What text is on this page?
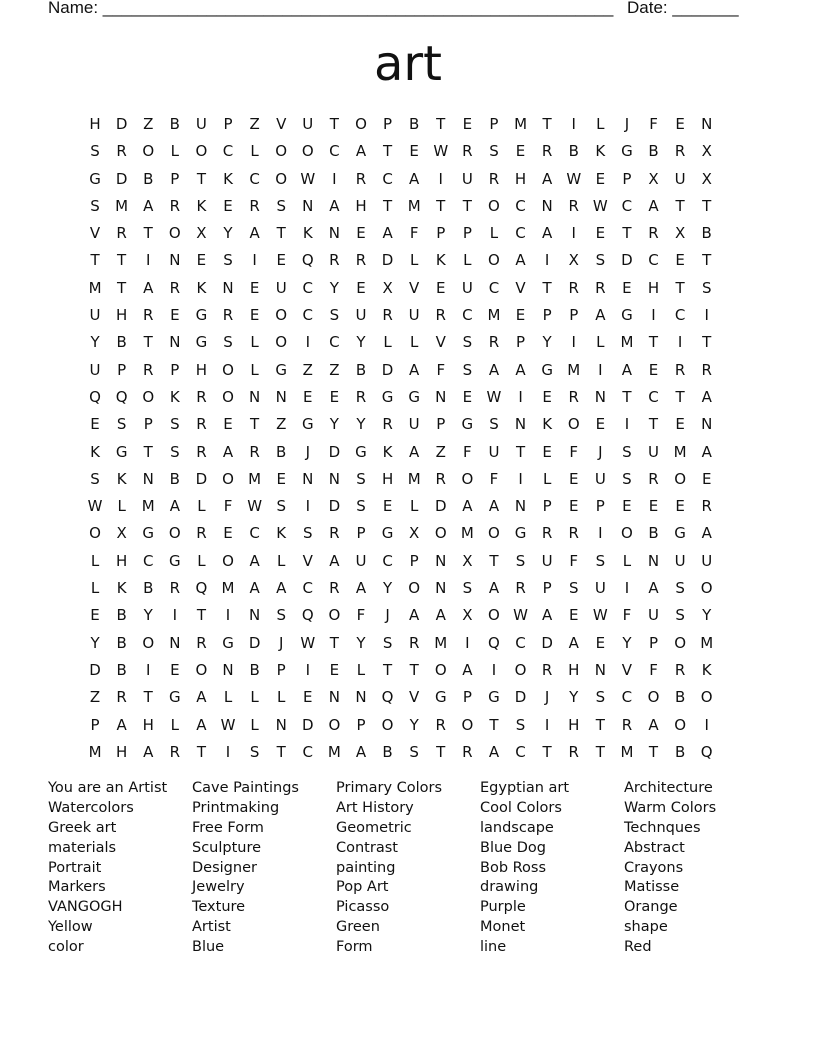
Name: ______________________________________________________ Date: _______
art
H D	Z	B	U	P	Z	V	U	T	O	P	B	T	E	P	M	T	I	L	J	F	E	N
S	R O	L	O C	L	O O C	A	T	E W R	S	E	R	B	K	G	B	R	X
G D	B	P	T	K	C O W	I	R	C	A	I	U	R	H	A W E	P	X	U	X
S M A	R	K	E	R	S	N	A	H	T	M	T	T	O C	N	R W C	A	T	T
V	R	T	O	X	Y	A	T	K	N	E	A	F	P	P	L	C	A	I	E	T	R	X	B
T	T	I	N	E	S	I	E	Q R	R	D	L	K	L	O	A	I	X	S	D	C	E	T
M	T	A	R	K	N	E	U	C	Y	E	X	V	E	U	C	V	T	R	R	E	H	T	S
U H	R	E	G	R	E	O C	S	U	R	U	R	C M E	P	P	A	G	I	C	I
Y	B	T	N G	S	L	O	I	C	Y	L	L	V	S	R	P	Y	I	L	M	T	I	T
U	P	R	P	H O	L	G	Z	Z	B	D	A	F	S	A	A	G M	I	A	E	R	R
Q Q O	K	R O N N	E	E	R	G G N	E W	I	E	R	N	T	C	T	A
E	S	P	S	R	E	T	Z	G	Y	Y	R	U	P	G	S	N	K	O	E	I	T	E	N
K	G	T	S	R	A	R	B	J	D G	K	A	Z	F	U	T	E	F	J	S	U M A
S	K	N	B	D O M E	N N	S	H M R O	F	I	L	E	U	S	R O	E
W L	M A	L	F W S	I	D	S	E	L	D	A	A	N	P	E	P	E	E	E	R
O	X	G O R	E	C	K	S	R	P	G	X	O M O G	R	R	I	O	B	G	A
L	H	C	G	L	O	A	L	V	A	U	C	P	N	X	T	S	U	F	S	L	N U	U
L	K	B	R Q M A	A	C	R	A	Y	O N	S	A	R	P	S	U	I	A	S	O
E	B	Y	I	T	I	N	S	Q O	F	J	A	A	X	O W A	E W F	U	S	Y
Y	B	O N	R	G D	J	W T	Y	S	R M	I	Q C	D	A	E	Y	P	O M
D	B	I	E	O N	B	P	I	E	L	T	T	O	A	I	O R	H N	V	F	R	K
Z	R	T	G	A	L	L	L	E	N N Q	V	G	P	G D	J	Y	S	C O	B	O
P	A	H	L	A W L	N D O	P	O	Y	R O	T	S	I	H	T	R	A	O	I
M H	A	R	T	I	S	T	C M A	B	S	T	R	A	C	T	R	T	M	T	B	Q
You are an Artist
Watercolors
Greek art
materials
Portrait
Markers
VANGOGH
Yellow
color
Cave Paintings
Printmaking
Free Form
Sculpture
Designer
Jewelry
Texture
Artist
Blue
Primary Colors
Art History
Geometric
Contrast
painting
Pop Art
Picasso
Green
Form
Egyptian art
Cool Colors
landscape
Blue Dog
Bob Ross
drawing
Purple
Monet
line
Architecture
Warm Colors
Technques
Abstract
Crayons
Matisse
Orange
shape
Red
